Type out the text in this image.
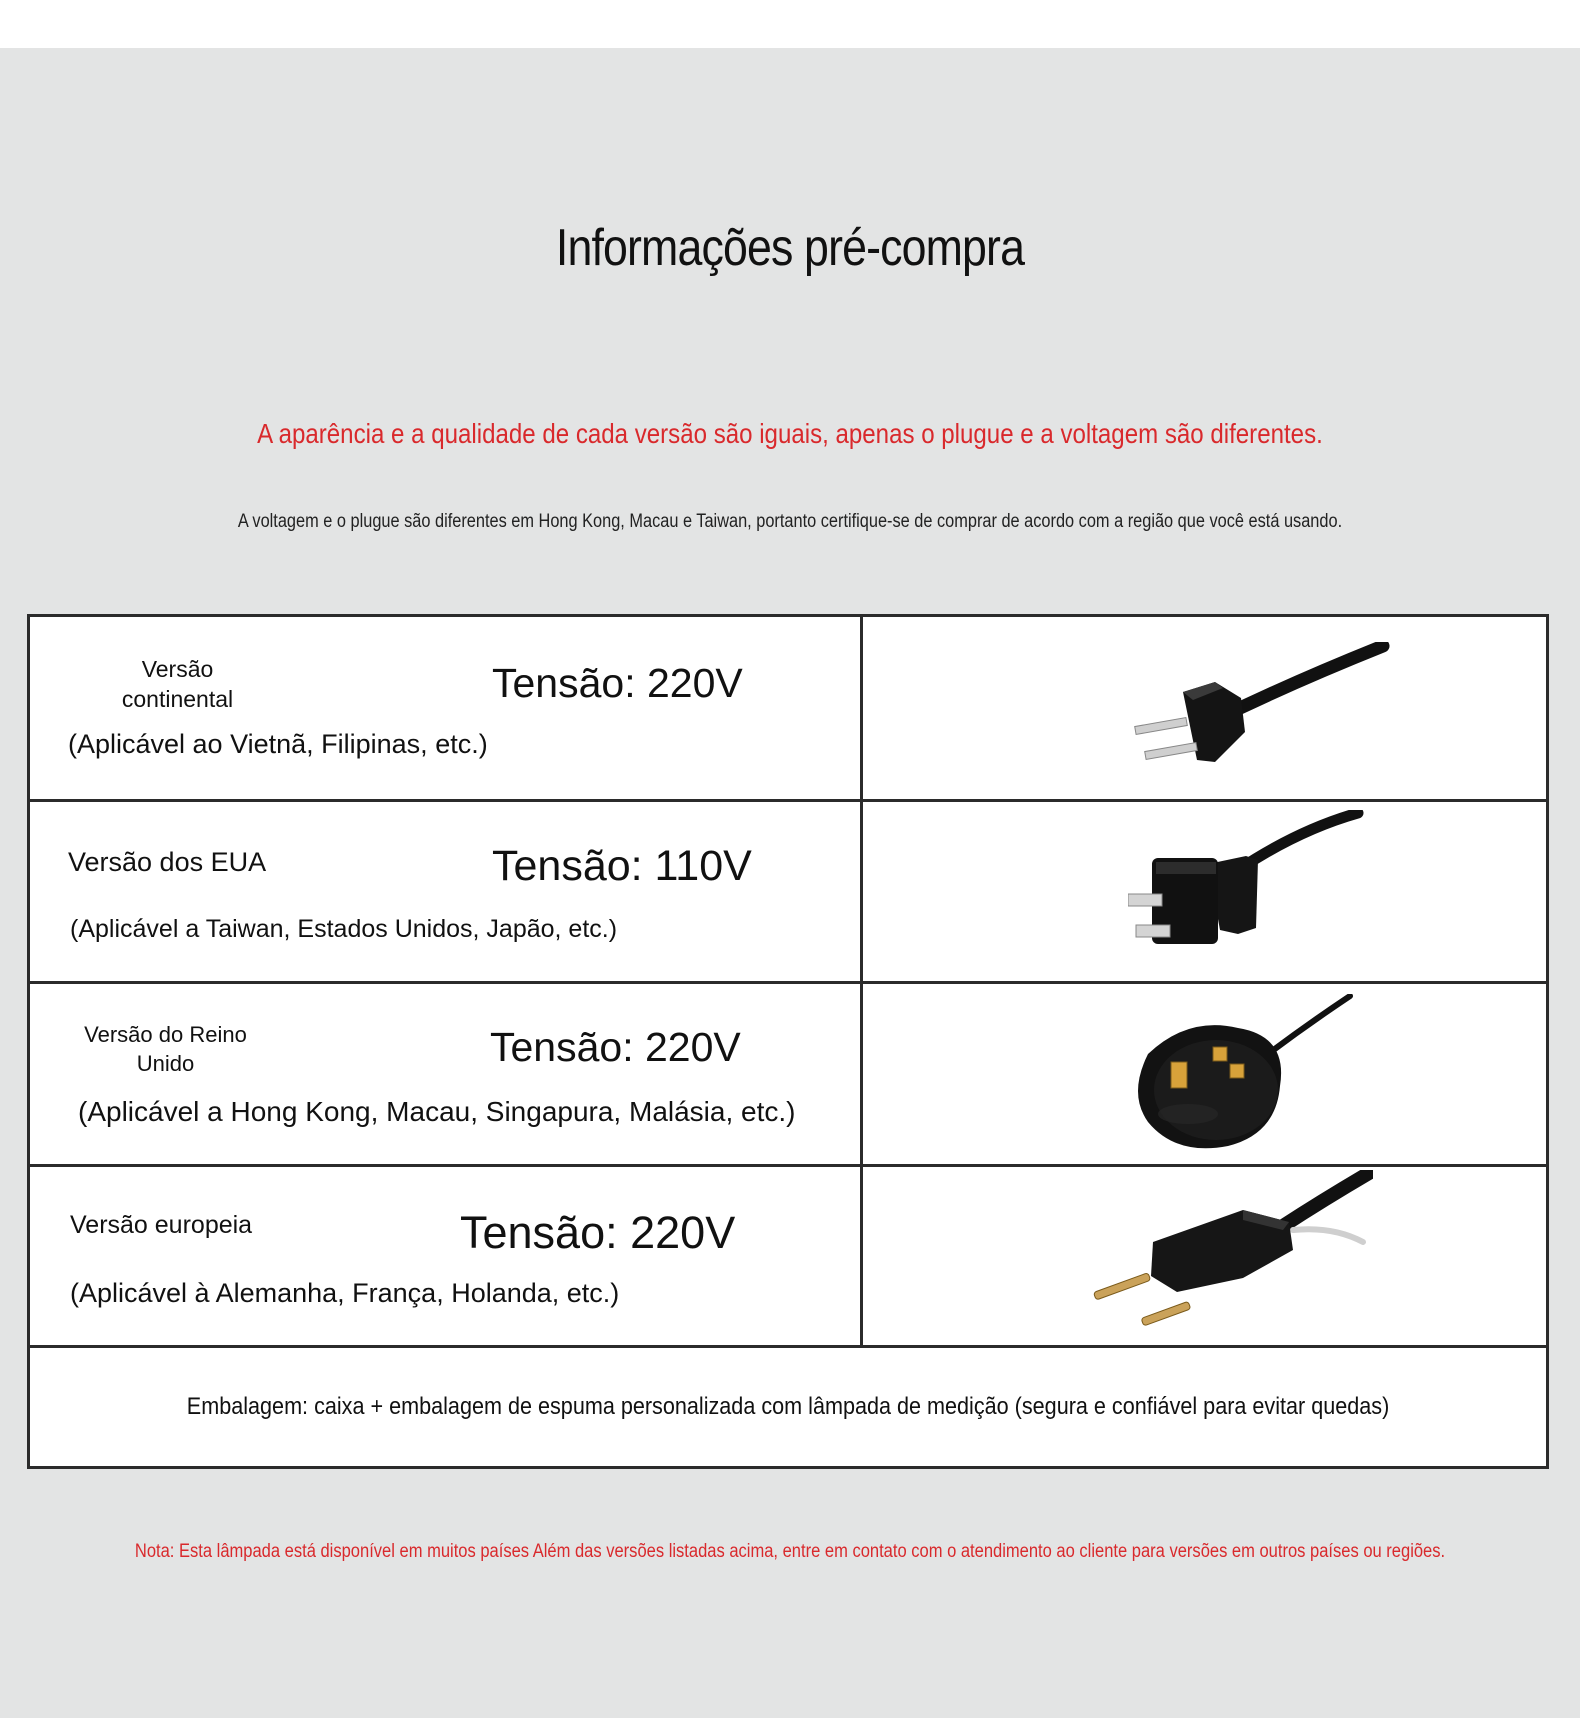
Informações pré-compra
A aparência e a qualidade de cada versão são iguais, apenas o plugue e a voltagem são diferentes.
A voltagem e o plugue são diferentes em Hong Kong, Macau e Taiwan, portanto certifique-se de comprar de acordo com a região que você está usando.
Versão
continental	Tensão: 220V
(Aplicável ao Vietnã, Filipinas, etc.)
Versão dos EUA	Tensão: 110V
(Aplicável a Taiwan, Estados Unidos, Japão, etc.)
Versão do Reino
Unido	Tensão: 220V
(Aplicável a Hong Kong, Macau, Singapura, Malásia, etc.)
Versão europeia	Tensão: 220V
(Aplicável à Alemanha, França, Holanda, etc.)
Embalagem: caixa + embalagem de espuma personalizada com lâmpada de medição (segura e confiável para evitar quedas)
Nota: Esta lâmpada está disponível em muitos países Além das versões listadas acima, entre em contato com o atendimento ao cliente para versões em outros países ou regiões.
